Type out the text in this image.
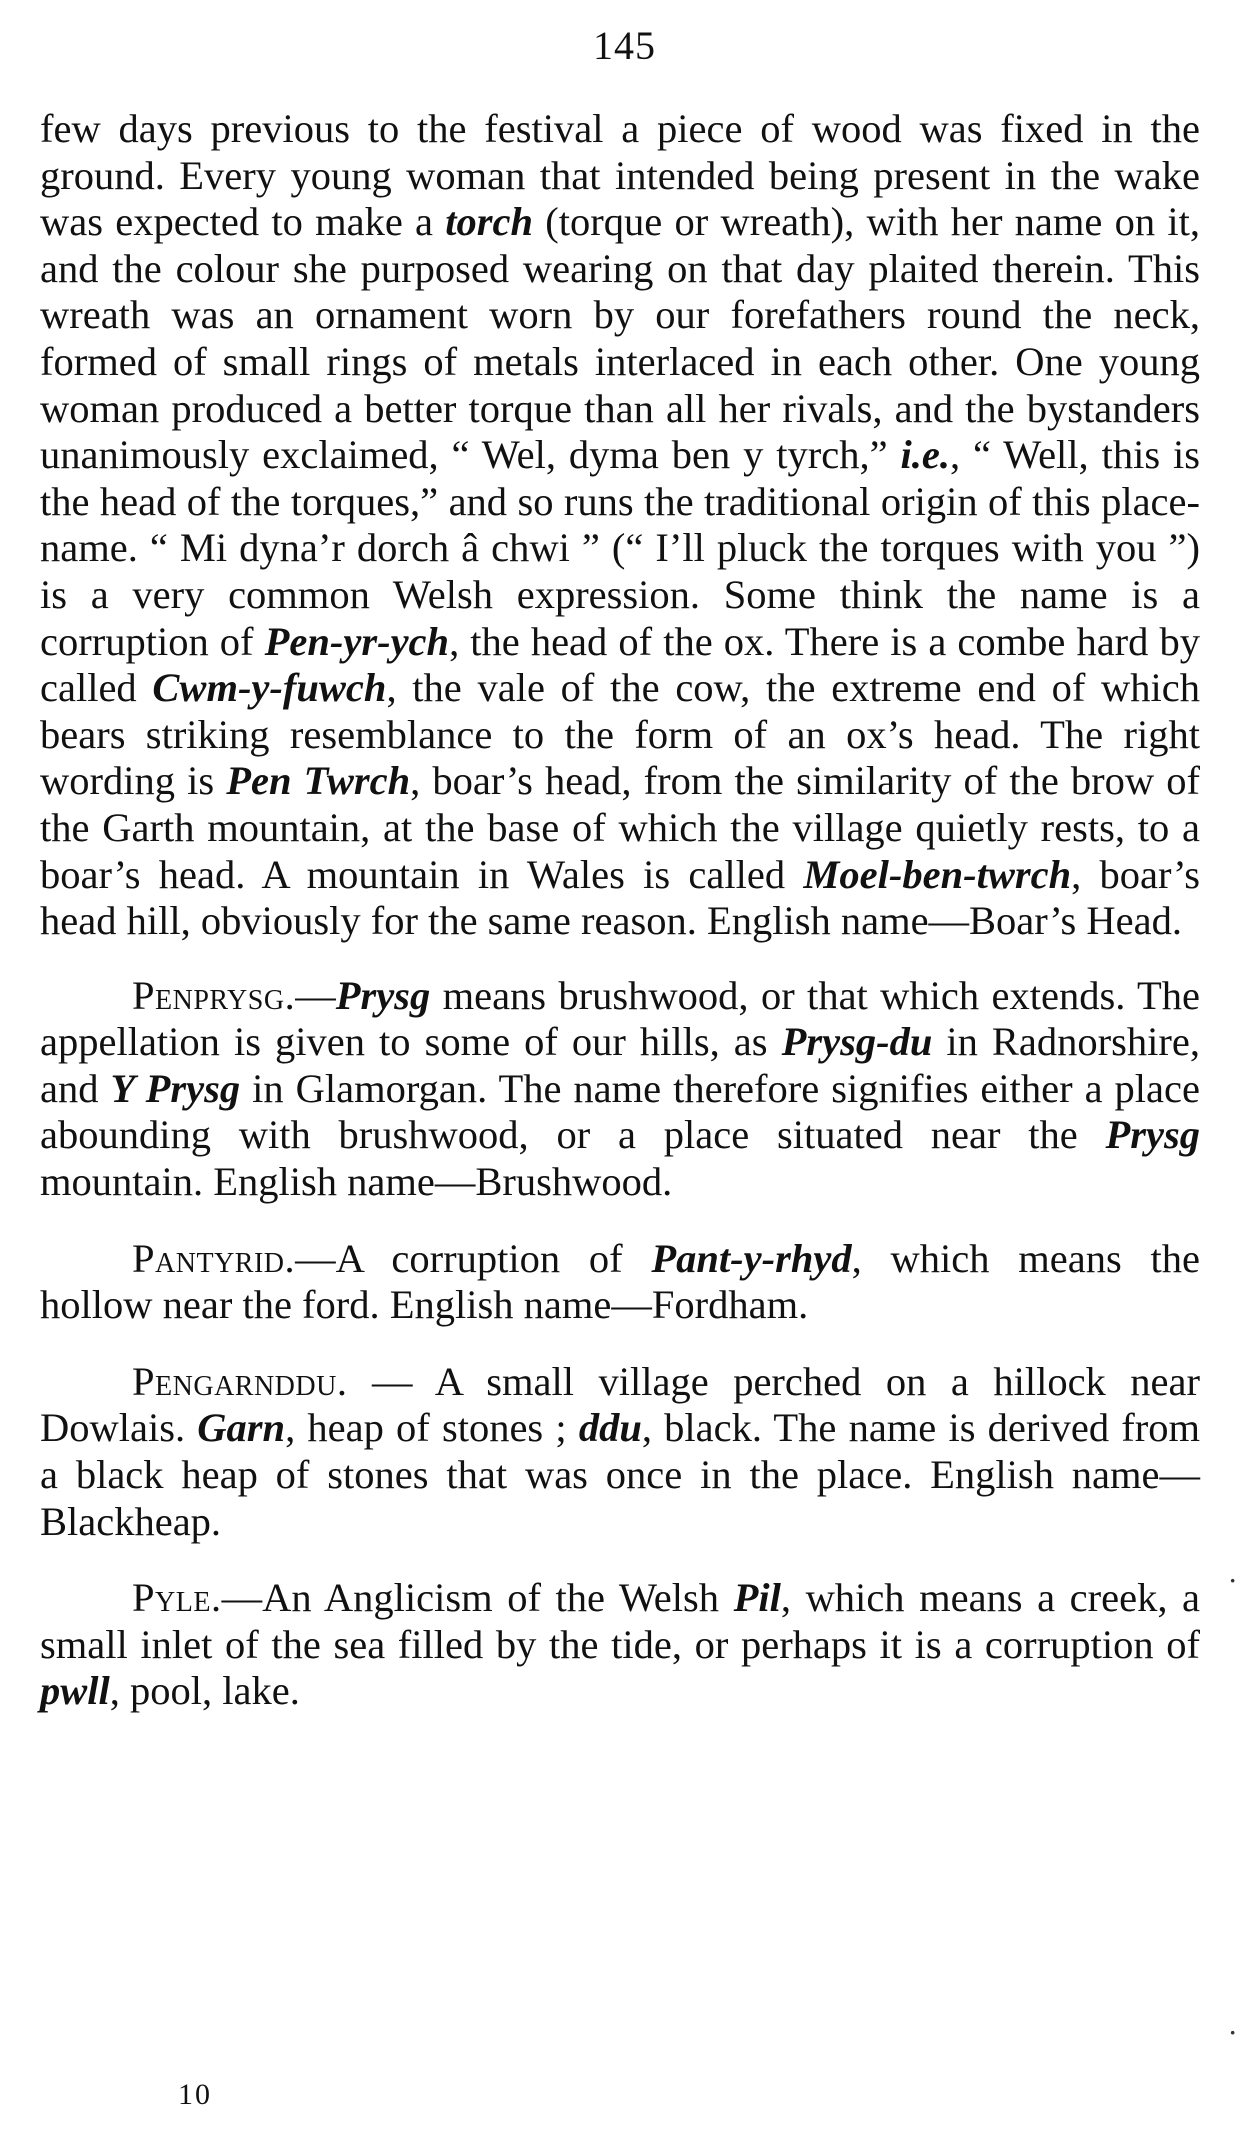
145

few days previous to the festival a piece of wood was fixed in the ground. Every young woman that intended being present in the wake was expected to make a torch (torque or wreath), with her name on it, and the colour she purposed wearing on that day plaited therein. This wreath was an ornament worn by our forefathers round the neck, formed of small rings of metals interlaced in each other. One young woman produced a better torque than all her rivals, and the bystanders unanimously exclaimed, “ Wel, dyma ben y tyrch,” i.e., “ Well, this is the head of the torques,” and so runs the traditional origin of this place-name. “ Mi dyna’r dorch â chwi ” (“ I’ll pluck the torques with you ”) is a very common Welsh expression. Some think the name is a corruption of Pen-yr-ych, the head of the ox. There is a combe hard by called Cwm-y-fuwch, the vale of the cow, the extreme end of which bears striking resemblance to the form of an ox’s head. The right wording is Pen Twrch, boar’s head, from the similarity of the brow of the Garth mountain, at the base of which the village quietly rests, to a boar’s head. A mountain in Wales is called Moel-ben-twrch, boar’s head hill, obviously for the same reason. English name—Boar’s Head.

Penprysg.—Prysg means brushwood, or that which extends. The appellation is given to some of our hills, as Prysg-du in Radnorshire, and Y Prysg in Glamorgan. The name therefore signifies either a place abounding with brushwood, or a place situated near the Prysg mountain. English name—Brushwood.

Pantyrid.—A corruption of Pant-y-rhyd, which means the hollow near the ford. English name—Fordham.

Pengarnddu. — A small village perched on a hillock near Dowlais. Garn, heap of stones ; ddu, black. The name is derived from a black heap of stones that was once in the place. English name—Blackheap.

Pyle.—An Anglicism of the Welsh Pil, which means a creek, a small inlet of the sea filled by the tide, or perhaps it is a corruption of pwll, pool, lake.

․
․
10
